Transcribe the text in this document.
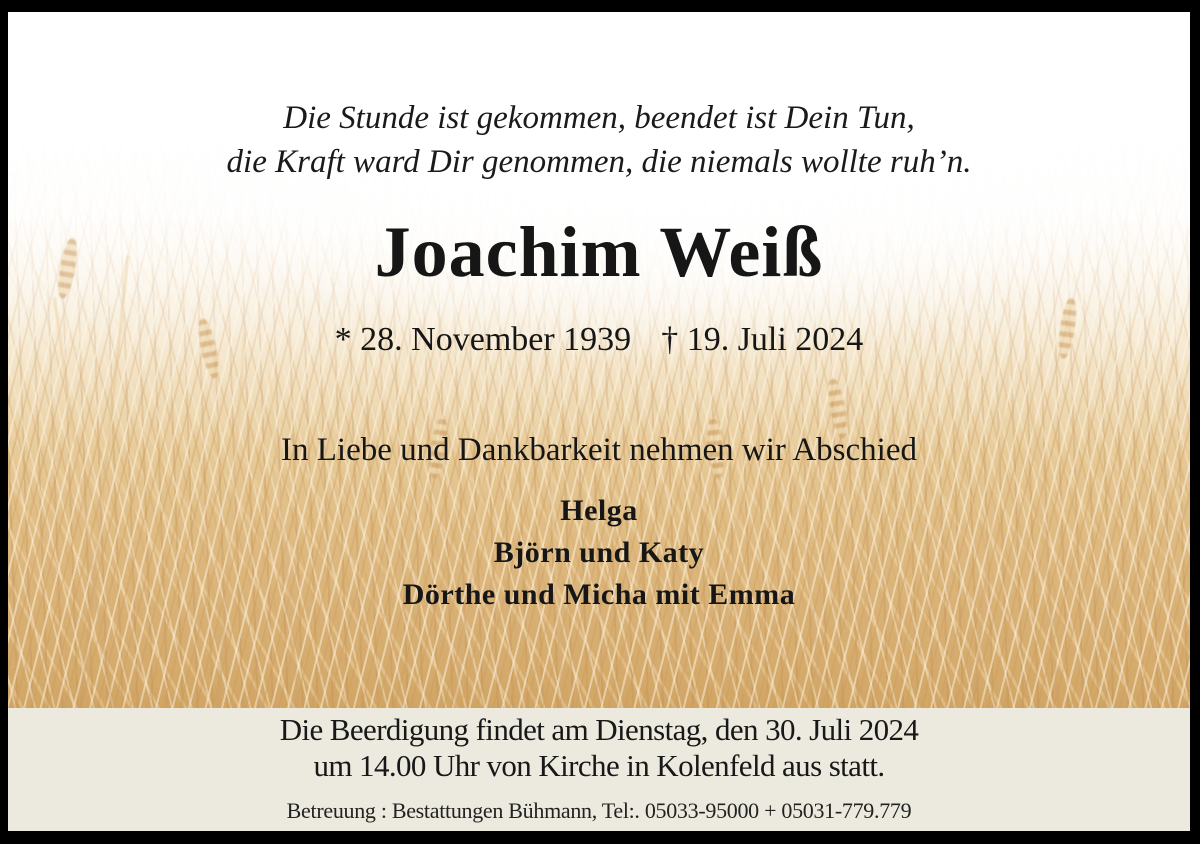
Die Stunde ist gekommen, beendet ist Dein Tun,
die Kraft ward Dir genommen, die niemals wollte ruh’n.
Joachim Weiß
* 28. November 1939 † 19. Juli 2024
In Liebe und Dankbarkeit nehmen wir Abschied
Helga
Björn und Katy
Dörthe und Micha mit Emma
Die Beerdigung findet am Dienstag, den 30. Juli 2024
um 14.00 Uhr von Kirche in Kolenfeld aus statt.
Betreuung : Bestattungen Bühmann, Tel:. 05033-95000 + 05031-779.779
